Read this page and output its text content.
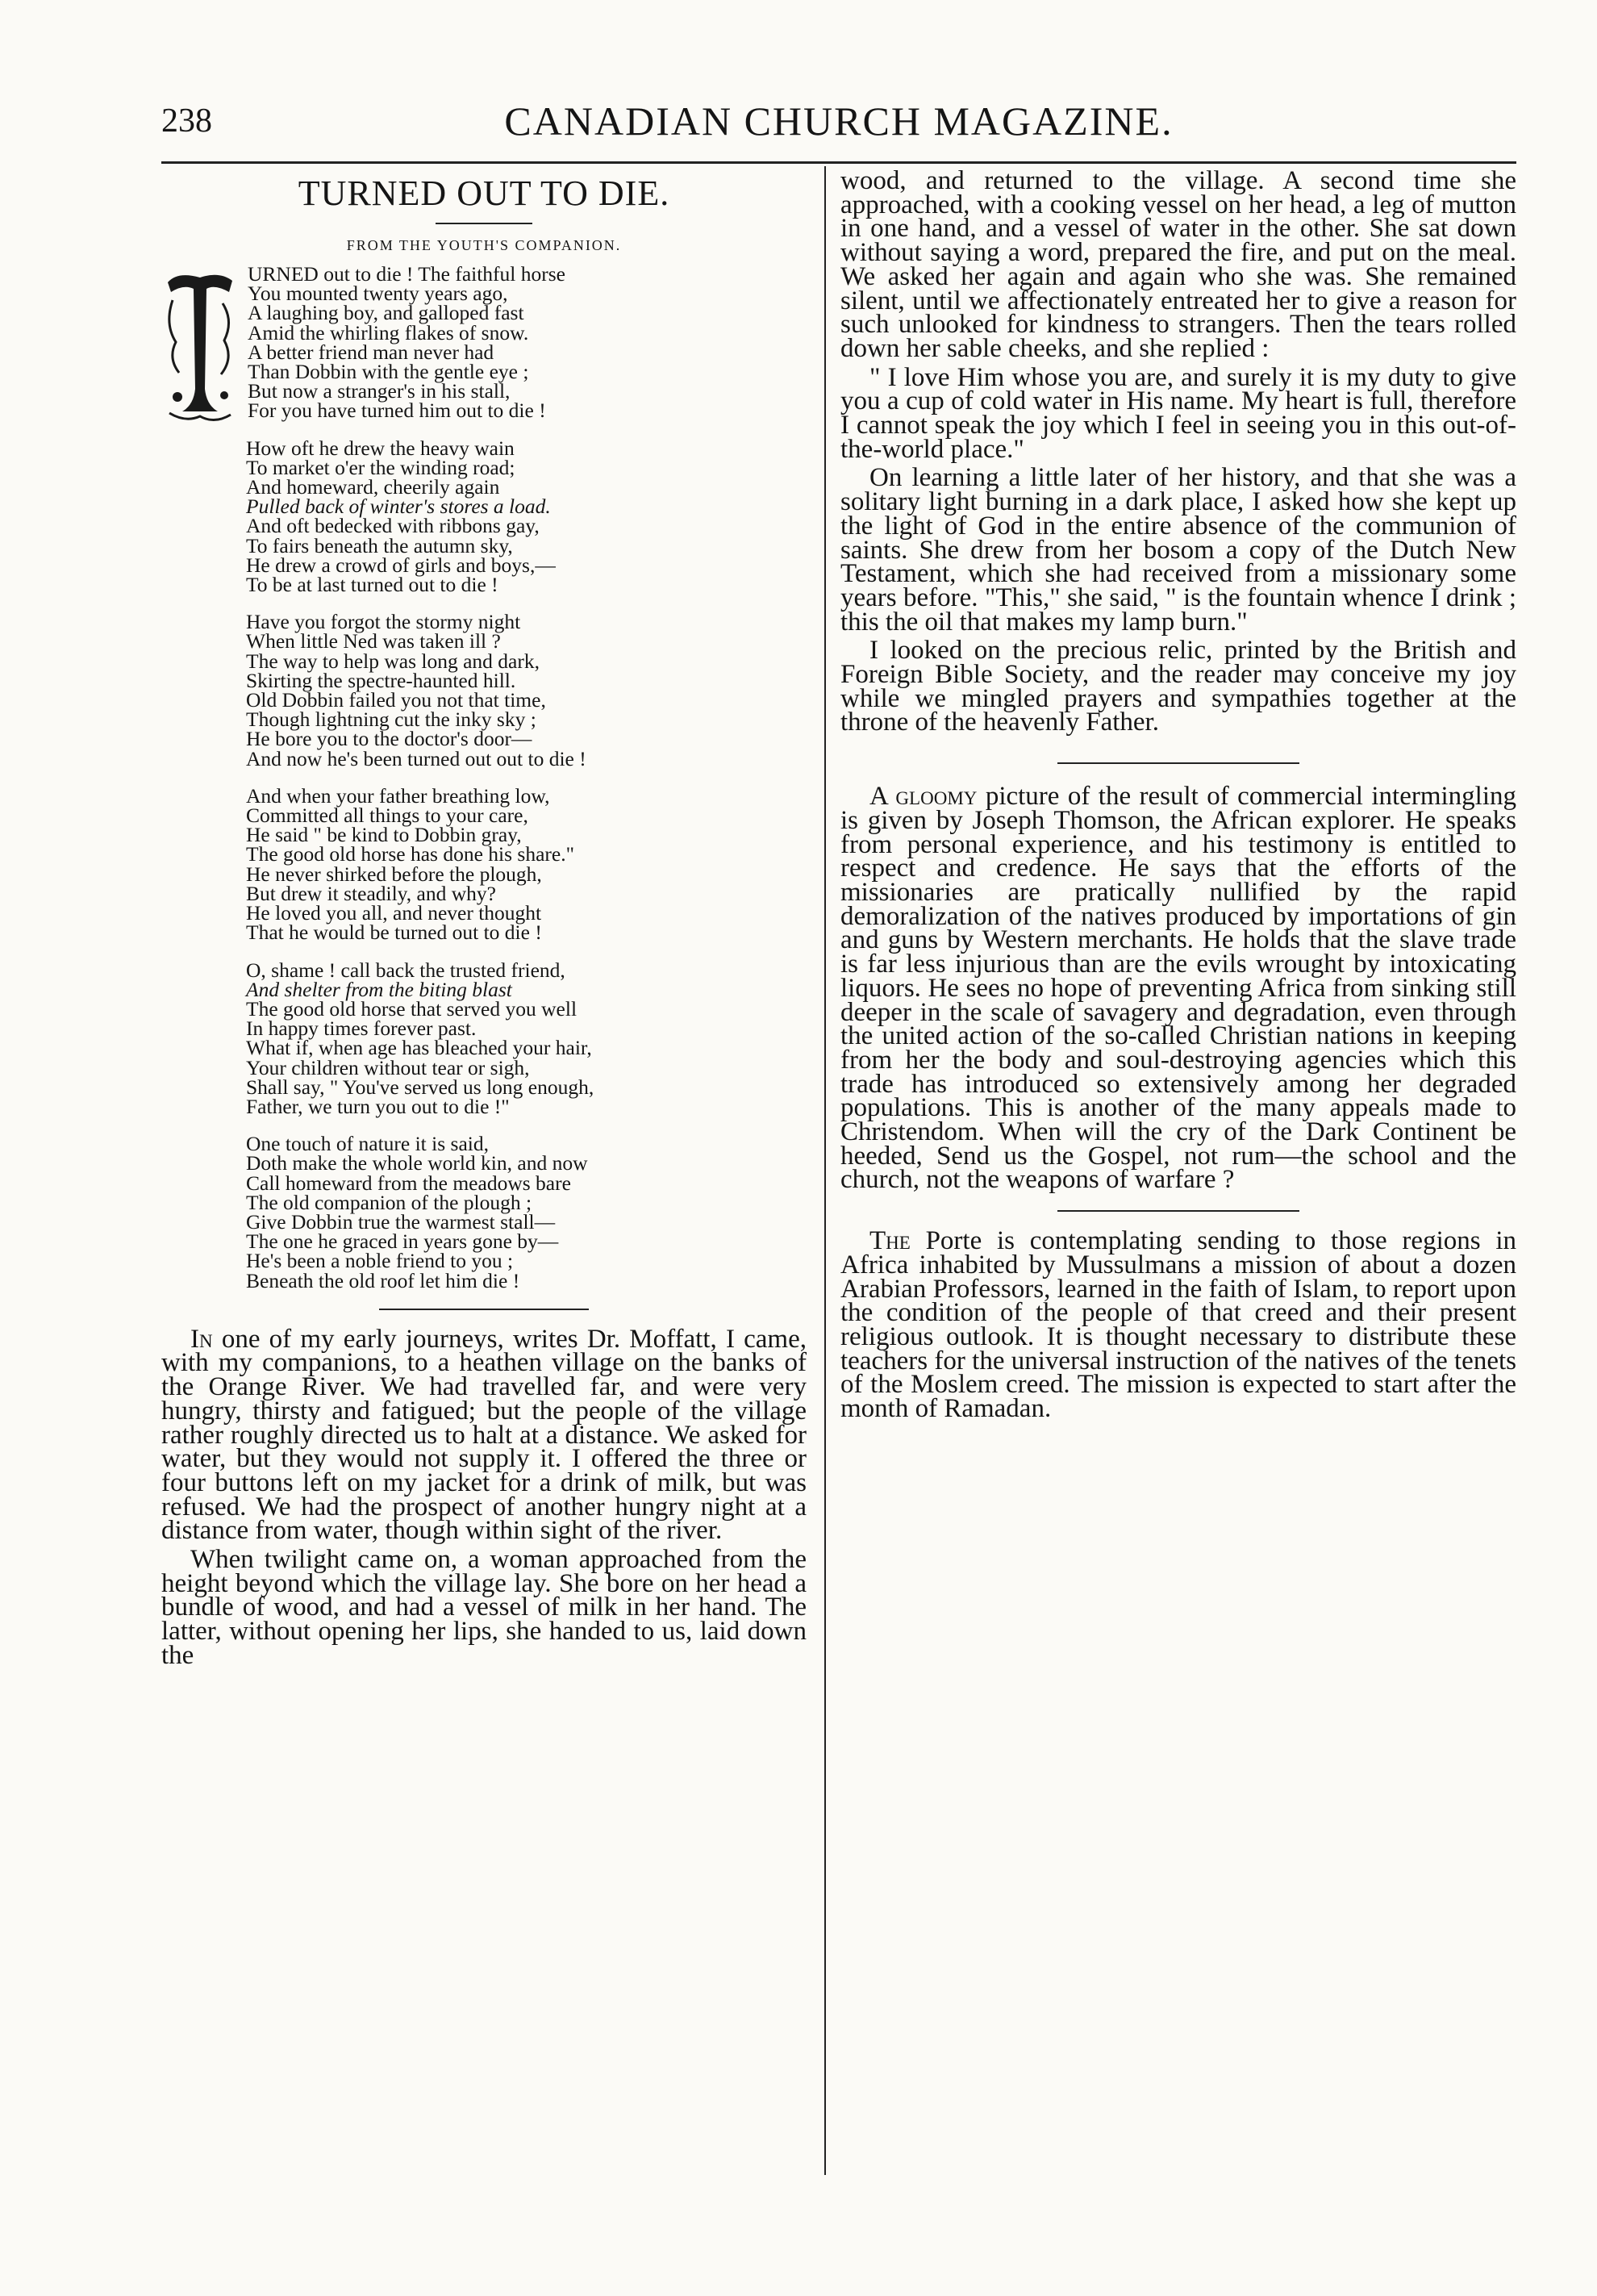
238	CANADIAN CHURCH MAGAZINE.
TURNED OUT TO DIE.
FROM THE YOUTH'S COMPANION.
URNED out to die ! The faithful horse
You mounted twenty years ago,
A laughing boy, and galloped fast
Amid the whirling flakes of snow.
A better friend man never had
Than Dobbin with the gentle eye ;
But now a stranger's in his stall,
For you have turned him out to die !
How oft he drew the heavy wain
To market o'er the winding road;
And homeward, cheerily again
Pulled back of winter's stores a load.
And oft bedecked with ribbons gay,
To fairs beneath the autumn sky,
He drew a crowd of girls and boys,—
To be at last turned out to die !
Have you forgot the stormy night
When little Ned was taken ill ?
The way to help was long and dark,
Skirting the spectre-haunted hill.
Old Dobbin failed you not that time,
Though lightning cut the inky sky ;
He bore you to the doctor's door—
And now he's been turned out out to die !
And when your father breathing low,
Committed all things to your care,
He said " be kind to Dobbin gray,
The good old horse has done his share."
He never shirked before the plough,
But drew it steadily, and why?
He loved you all, and never thought
That he would be turned out to die !
O, shame ! call back the trusted friend,
And shelter from the biting blast
The good old horse that served you well
In happy times forever past.
What if, when age has bleached your hair,
Your children without tear or sigh,
Shall say, " You've served us long enough,
Father, we turn you out to die !"
One touch of nature it is said,
Doth make the whole world kin, and now
Call homeward from the meadows bare
The old companion of the plough ;
Give Dobbin true the warmest stall—
The one he graced in years gone by—
He's been a noble friend to you ;
Beneath the old roof let him die !

In one of my early journeys, writes Dr. Moffatt, I came, with my companions, to a heathen village on the banks of the Orange River. We had travelled far, and were very hungry, thirsty and fatigued; but the people of the village rather roughly directed us to halt at a distance. We asked for water, but they would not supply it. I offered the three or four buttons left on my jacket for a drink of milk, but was refused. We had the prospect of another hungry night at a distance from water, though within sight of the river.

When twilight came on, a woman approached from the height beyond which the village lay. She bore on her head a bundle of wood, and had a vessel of milk in her hand. The latter, without opening her lips, she handed to us, laid down the

wood, and returned to the village. A second time she approached, with a cooking vessel on her head, a leg of mutton in one hand, and a vessel of water in the other. She sat down without saying a word, prepared the fire, and put on the meal. We asked her again and again who she was. She remained silent, until we affectionately entreated her to give a reason for such unlooked for kindness to strangers. Then the tears rolled down her sable cheeks, and she replied :

" I love Him whose you are, and surely it is my duty to give you a cup of cold water in His name. My heart is full, therefore I cannot speak the joy which I feel in seeing you in this out-of-the-world place."

On learning a little later of her history, and that she was a solitary light burning in a dark place, I asked how she kept up the light of God in the entire absence of the communion of saints. She drew from her bosom a copy of the Dutch New Testament, which she had received from a missionary some years before. "This," she said, " is the fountain whence I drink ; this the oil that makes my lamp burn."

I looked on the precious relic, printed by the British and Foreign Bible Society, and the reader may conceive my joy while we mingled prayers and sympathies together at the throne of the heavenly Father.

A gloomy picture of the result of commercial intermingling is given by Joseph Thomson, the African explorer. He speaks from personal experience, and his testimony is entitled to respect and credence. He says that the efforts of the missionaries are pratically nullified by the rapid demoralization of the natives produced by importations of gin and guns by Western merchants. He holds that the slave trade is far less injurious than are the evils wrought by intoxicating liquors. He sees no hope of preventing Africa from sinking still deeper in the scale of savagery and degradation, even through the united action of the so-called Christian nations in keeping from her the body and soul-destroying agencies which this trade has introduced so extensively among her degraded populations. This is another of the many appeals made to Christendom. When will the cry of the Dark Continent be heeded, Send us the Gospel, not rum—the school and the church, not the weapons of warfare ?

The Porte is contemplating sending to those regions in Africa inhabited by Mussulmans a mission of about a dozen Arabian Professors, learned in the faith of Islam, to report upon the condition of the people of that creed and their present religious outlook. It is thought necessary to distribute these teachers for the universal instruction of the natives of the tenets of the Moslem creed. The mission is expected to start after the month of Ramadan.
